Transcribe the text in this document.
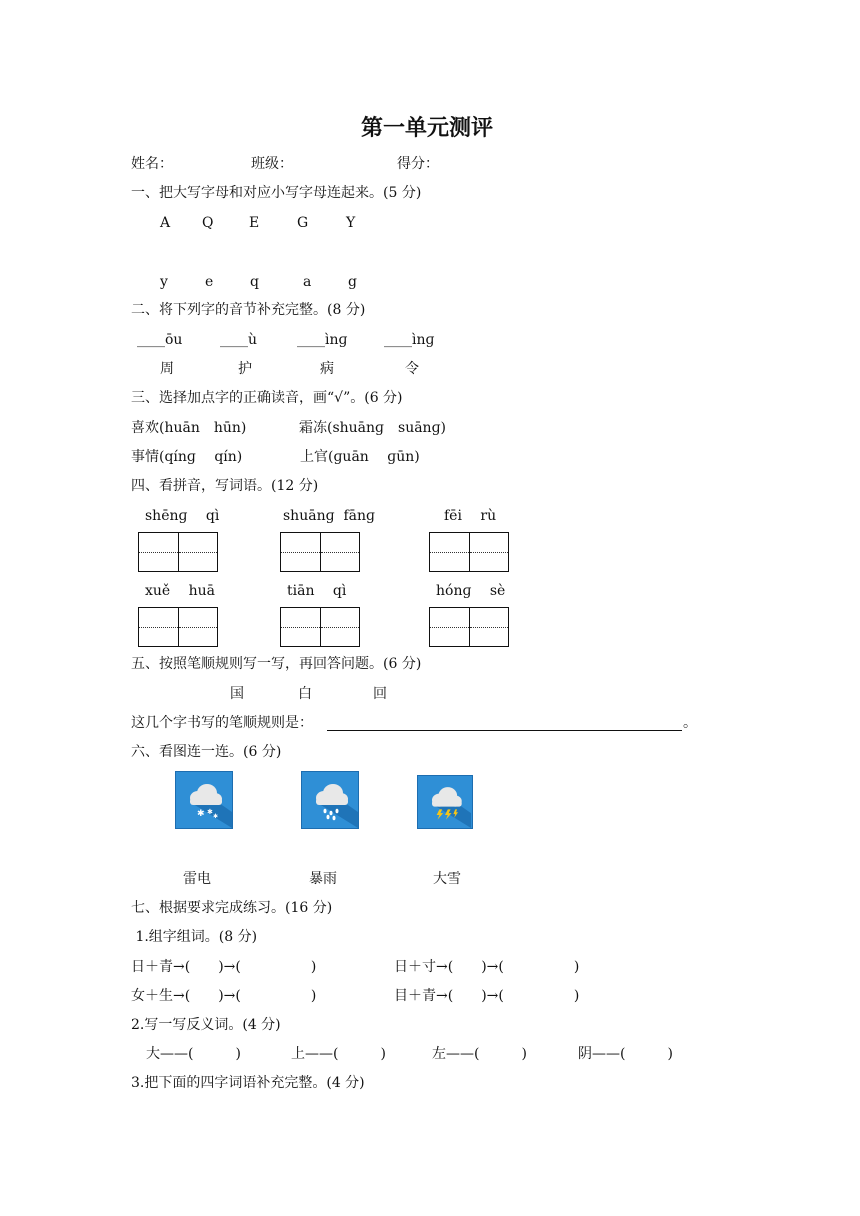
第一单元测评
姓名：	班级：	得分：
一、把大写字母和对应小写字母连起来。(5 分)
A Q	E	G	Y
y	e	q	a	g
二、将下列字的音节补充完整。(8 分)
____ōu	____ù	____ìnɡ	____ìnɡ
周	护	病	令
三、选择加点字的正确读音，画“√”。(6 分)
喜欢(huān　hūn)	霜冻(shuānɡ　suānɡ)
事情(qínɡ　 qín)	上官(ɡuān　 ɡūn)
四、看拼音，写词语。(12 分)
shēnɡ　 qì	shuānɡ  fānɡ	fēi　 rù
xuě　 huā	tiān　 qì	hónɡ　 sè
五、按照笔顺规则写一写，再回答问题。(6 分)
国	白	回
这几个字书写的笔顺规则是：	。
六、看图连一连。(6 分)
✱ ✱
✱
雷电	暴雨	大雪
七、根据要求完成练习。(16 分)
1.组字组词。(8 分)
日＋青→(　　)→(　　　　　)	日＋寸→(　　)→(　　　　　)
女＋生→(　　)→(　　　　　)	目＋青→(　　)→(　　　　　)
2.写一写反义词。(4 分)
大——(　　　)	上——(　　　)	左——(　　　)	阴——(　　　)
3.把下面的四字词语补充完整。(4 分)
